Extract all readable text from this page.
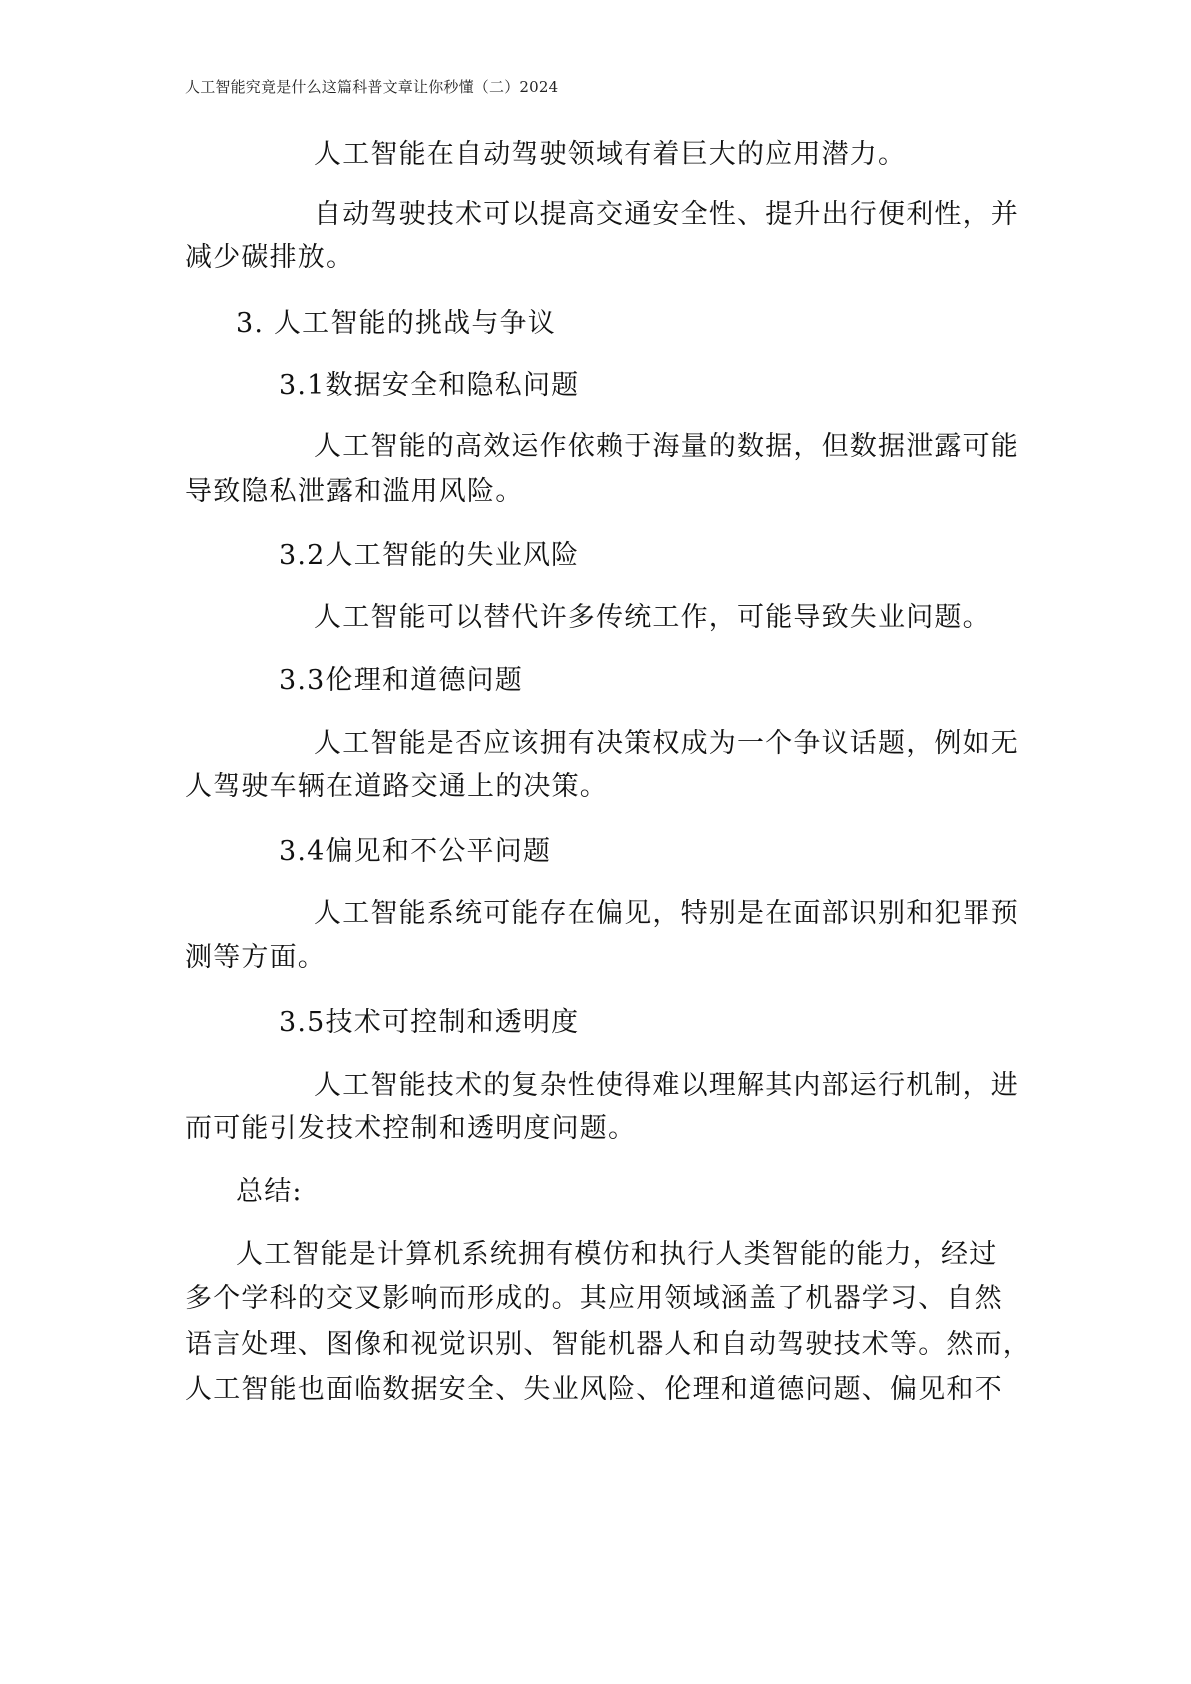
人工智能究竟是什么这篇科普文章让你秒懂（二）2024
人工智能在自动驾驶领域有着巨大的应用潜力。
自动驾驶技术可以提高交通安全性、提升出行便利性，并
减少碳排放。
3. 人工智能的挑战与争议
3.1数据安全和隐私问题
人工智能的高效运作依赖于海量的数据，但数据泄露可能
导致隐私泄露和滥用风险。
3.2人工智能的失业风险
人工智能可以替代许多传统工作，可能导致失业问题。
3.3伦理和道德问题
人工智能是否应该拥有决策权成为一个争议话题，例如无
人驾驶车辆在道路交通上的决策。
3.4偏见和不公平问题
人工智能系统可能存在偏见，特别是在面部识别和犯罪预
测等方面。
3.5技术可控制和透明度
人工智能技术的复杂性使得难以理解其内部运行机制，进
而可能引发技术控制和透明度问题。
总结:
人工智能是计算机系统拥有模仿和执行人类智能的能力，经过
多个学科的交叉影响而形成的。其应用领域涵盖了机器学习、自然
语言处理、图像和视觉识别、智能机器人和自动驾驶技术等。然而，
人工智能也面临数据安全、失业风险、伦理和道德问题、偏见和不
